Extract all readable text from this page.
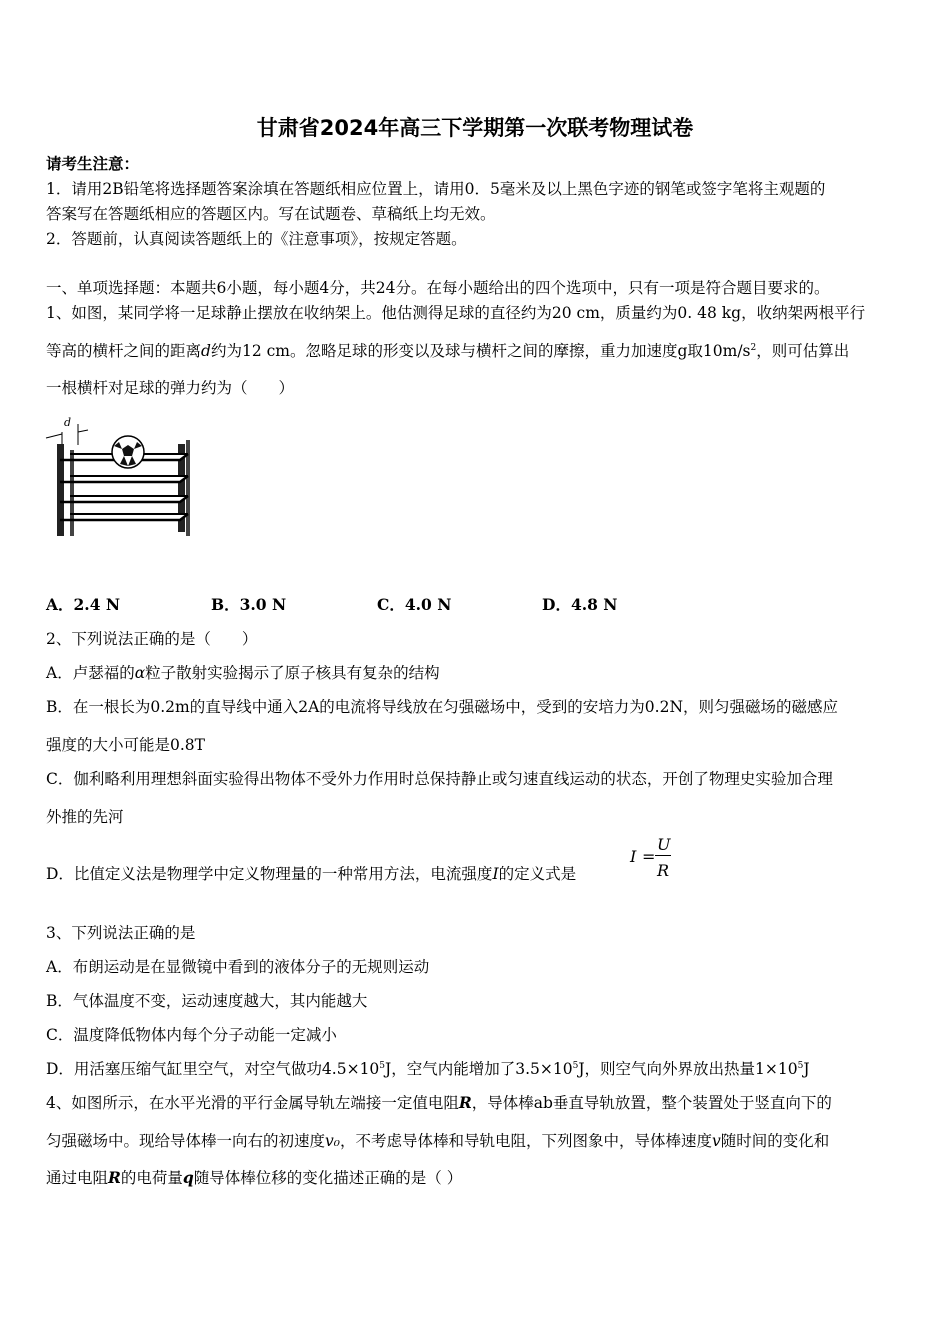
甘肃省2024年高三下学期第一次联考物理试卷
请考生注意：
1．请用2B铅笔将选择题答案涂填在答题纸相应位置上，请用0．5毫米及以上黑色字迹的钢笔或签字笔将主观题的
答案写在答题纸相应的答题区内。写在试题卷、草稿纸上均无效。
2．答题前，认真阅读答题纸上的《注意事项》，按规定答题。
一、单项选择题：本题共6小题，每小题4分，共24分。在每小题给出的四个选项中，只有一项是符合题目要求的。
1、如图，某同学将一足球静止摆放在收纳架上。他估测得足球的直径约为20 cm，质量约为0. 48 kg，收纳架两根平行
等高的横杆之间的距离d约为12 cm。忽略足球的形变以及球与横杆之间的摩擦，重力加速度g取$10m/s^2$，则可估算出
一根横杆对足球的弹力约为（　　）
d
A．2.4 N	B．3.0 N	C．4.0 N	D．4.8 N
2、下列说法正确的是（　　）
A．卢瑟福的α粒子散射实验揭示了原子核具有复杂的结构
B．在一根长为0.2m的直导线中通入2A的电流将导线放在匀强磁场中，受到的安培力为0.2N，则匀强磁场的磁感应
强度的大小可能是0.8T
C．伽利略利用理想斜面实验得出物体不受外力作用时总保持静止或匀速直线运动的状态，开创了物理史实验加合理
外推的先河
D．比值定义法是物理学中定义物理量的一种常用方法，电流强度I的定义式是
I =
U
R
3、下列说法正确的是
A．布朗运动是在显微镜中看到的液体分子的无规则运动
B．气体温度不变，运动速度越大，其内能越大
C．温度降低物体内每个分子动能一定减小
D．用活塞压缩气缸里空气，对空气做功$4.5\times 10^5J$，空气内能增加了$3.5\times 10^5J$，则空气向外界放出热量$1\times 10^5J$
4、如图所示，在水平光滑的平行金属导轨左端接一定值电阻R，导体棒ab垂直导轨放置，整个装置处于竖直向下的
匀强磁场中。现给导体棒一向右的初速度v₀，不考虑导体棒和导轨电阻，下列图象中，导体棒速度v随时间的变化和
通过电阻R的电荷量q随导体棒位移的变化描述正确的是（ ）
